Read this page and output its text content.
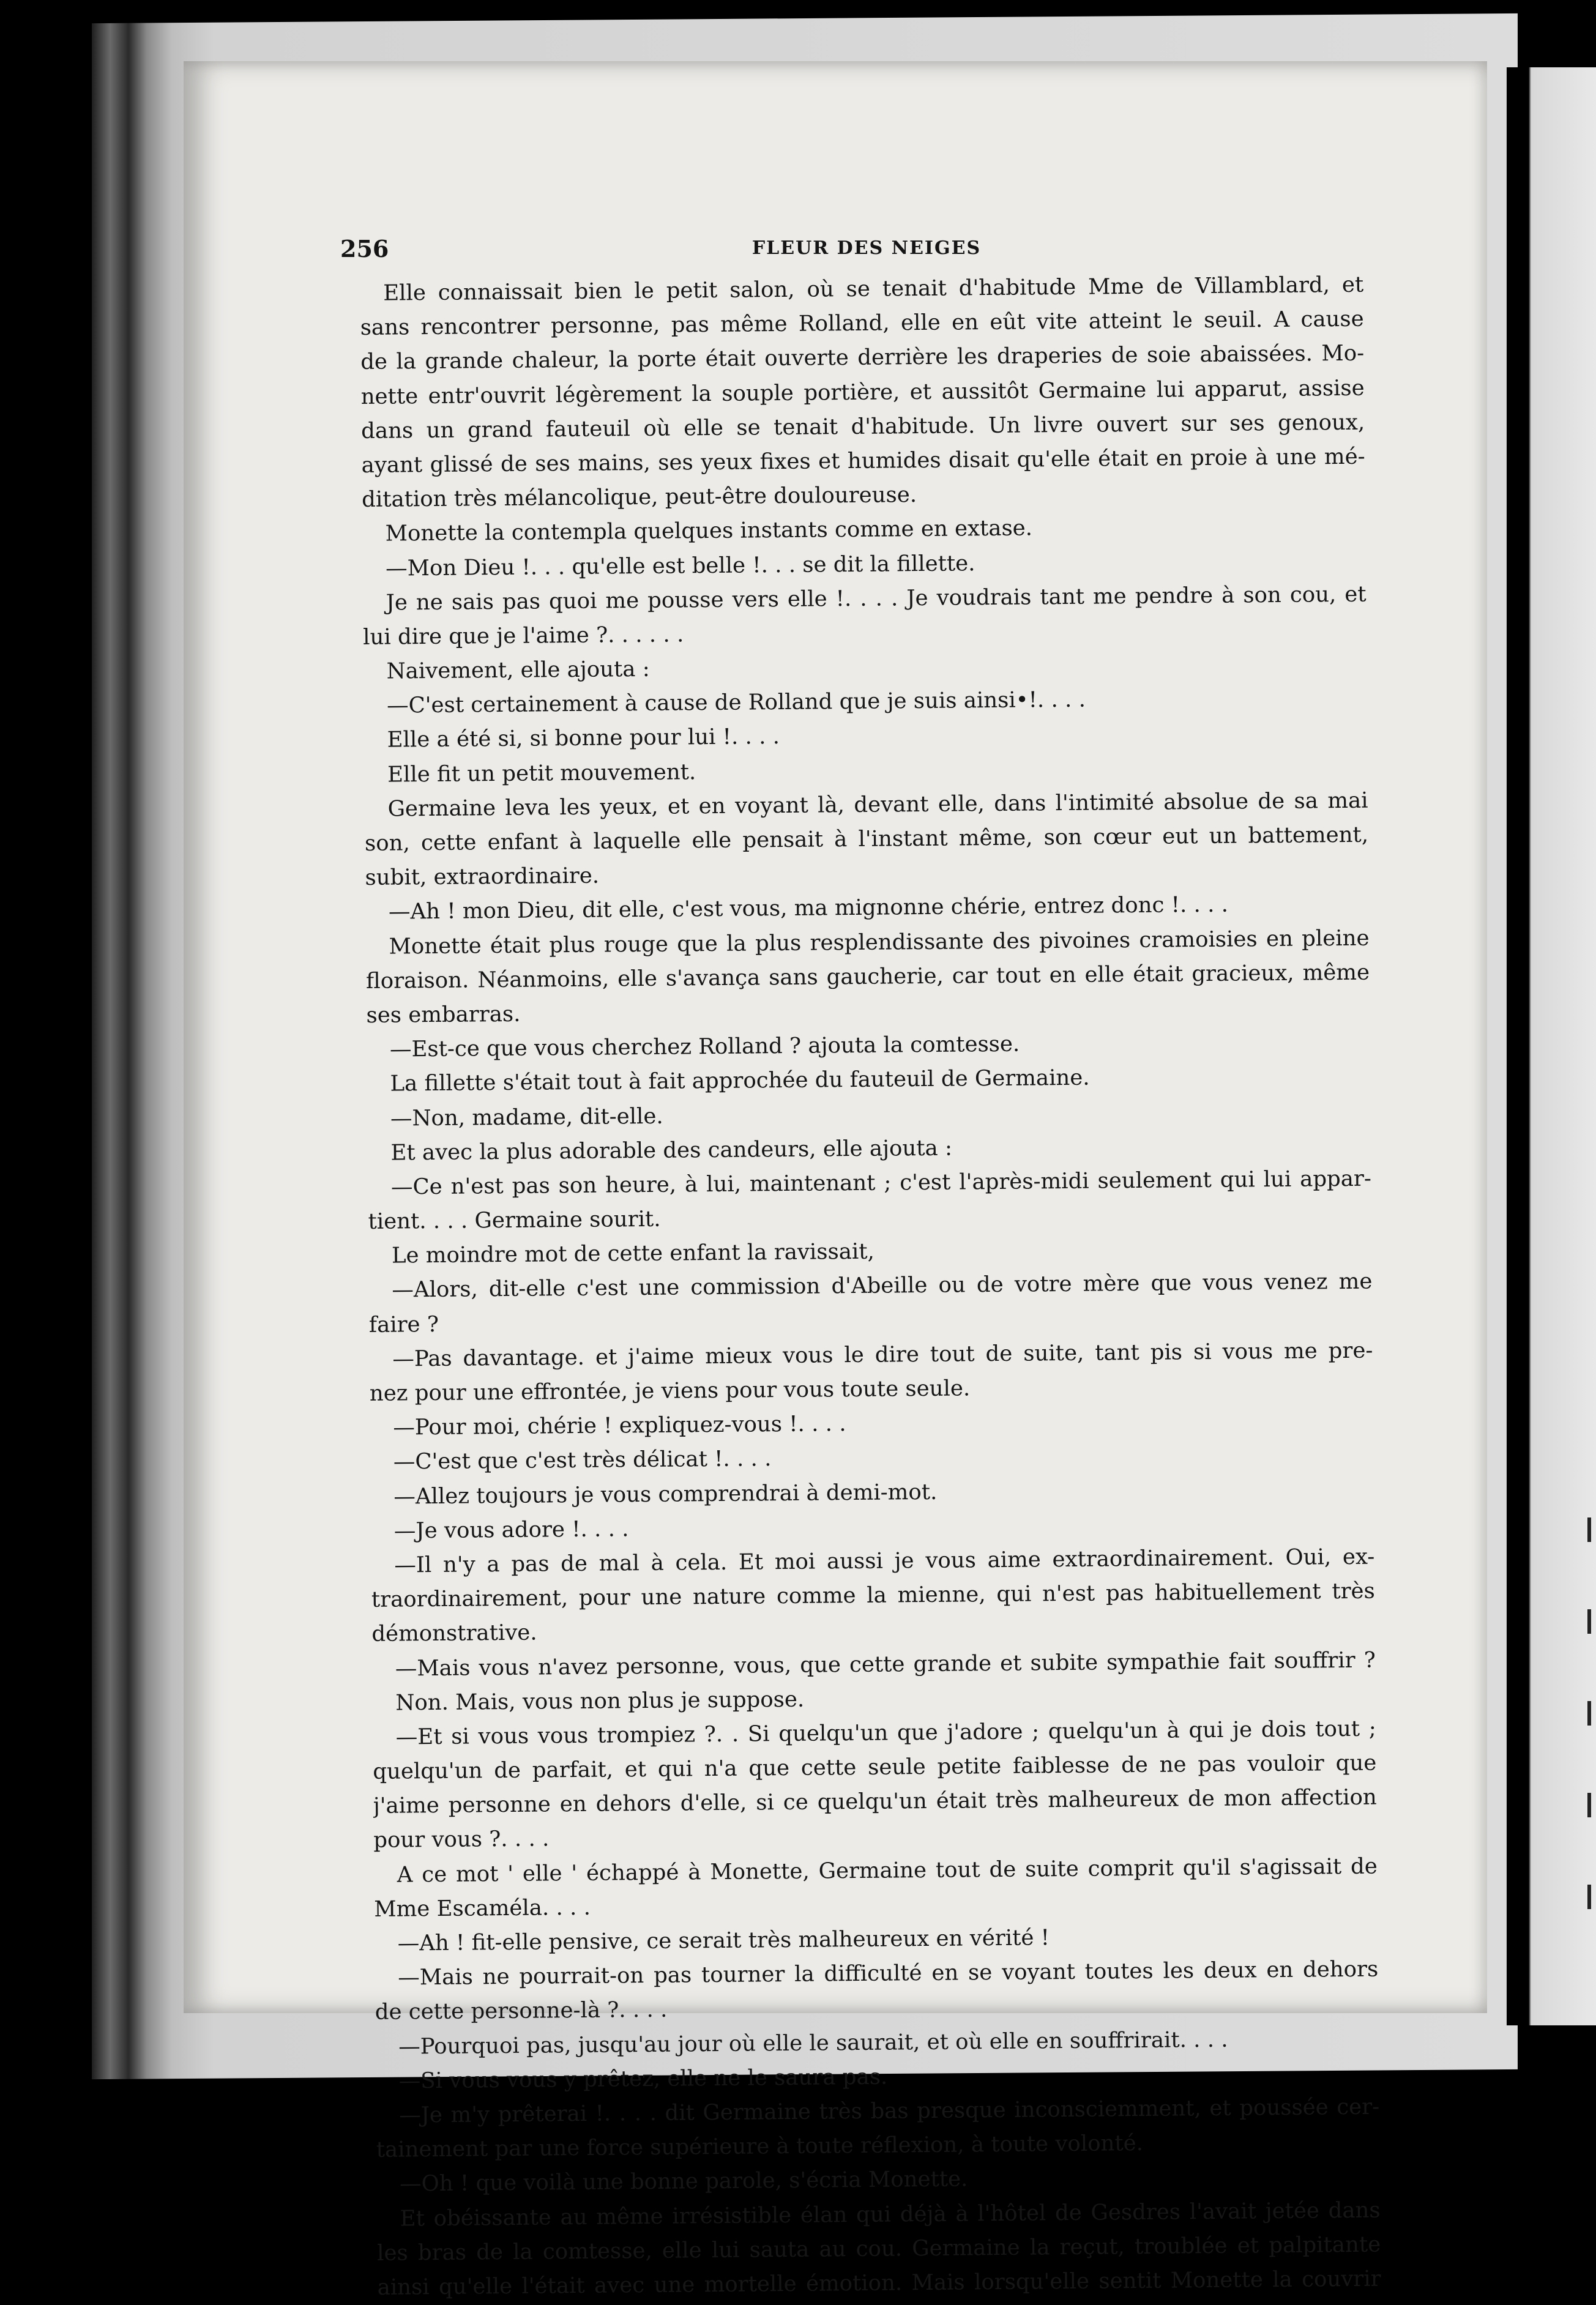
256	FLEUR DES NEIGES
Elle connaissait bien le petit salon, où se tenait d'habitude Mme de Villamblard, et
sans rencontrer personne, pas même Rolland, elle en eût vite atteint le seuil. A cause
de la grande chaleur, la porte était ouverte derrière les draperies de soie abaissées. Mo-
nette entr'ouvrit légèrement la souple portière, et aussitôt Germaine lui apparut, assise
dans un grand fauteuil où elle se tenait d'habitude. Un livre ouvert sur ses genoux,
ayant glissé de ses mains, ses yeux fixes et humides disait qu'elle était en proie à une mé-
ditation très mélancolique, peut-être douloureuse.
Monette la contempla quelques instants comme en extase.
—Mon Dieu !. . . qu'elle est belle !. . . se dit la fillette.
Je ne sais pas quoi me pousse vers elle !. . . . Je voudrais tant me pendre à son cou, et
lui dire que je l'aime ?. . . . . .
Naivement, elle ajouta :
—C'est certainement à cause de Rolland que je suis ainsi•!. . . .
Elle a été si, si bonne pour lui !. . . .
Elle fit un petit mouvement.
Germaine leva les yeux, et en voyant là, devant elle, dans l'intimité absolue de sa mai
son, cette enfant à laquelle elle pensait à l'instant même, son cœur eut un battement,
subit, extraordinaire.
—Ah ! mon Dieu, dit elle, c'est vous, ma mignonne chérie, entrez donc !. . . .
Monette était plus rouge que la plus resplendissante des pivoines cramoisies en pleine
floraison. Néanmoins, elle s'avança sans gaucherie, car tout en elle était gracieux, même
ses embarras.
—Est-ce que vous cherchez Rolland ? ajouta la comtesse.
La fillette s'était tout à fait approchée du fauteuil de Germaine.
—Non, madame, dit-elle.
Et avec la plus adorable des candeurs, elle ajouta :
—Ce n'est pas son heure, à lui, maintenant ; c'est l'après-midi seulement qui lui appar-
tient. . . . Germaine sourit.
Le moindre mot de cette enfant la ravissait,
—Alors, dit-elle c'est une commission d'Abeille ou de votre mère que vous venez me
faire ?
—Pas davantage. et j'aime mieux vous le dire tout de suite, tant pis si vous me pre-
nez pour une effrontée, je viens pour vous toute seule.
—Pour moi, chérie ! expliquez-vous !. . . .
—C'est que c'est très délicat !. . . .
—Allez toujours je vous comprendrai à demi-mot.
—Je vous adore !. . . .
—Il n'y a pas de mal à cela. Et moi aussi je vous aime extraordinairement. Oui, ex-
traordinairement, pour une nature comme la mienne, qui n'est pas habituellement très
démonstrative.
—Mais vous n'avez personne, vous, que cette grande et subite sympathie fait souffrir ?
Non. Mais, vous non plus je suppose.
—Et si vous vous trompiez ?. . Si quelqu'un que j'adore ; quelqu'un à qui je dois tout ;
quelqu'un de parfait, et qui n'a que cette seule petite faiblesse de ne pas vouloir que
j'aime personne en dehors d'elle, si ce quelqu'un était très malheureux de mon affection
pour vous ?. . . .
A ce mot ' elle ' échappé à Monette, Germaine tout de suite comprit qu'il s'agissait de
Mme Escaméla. . . .
—Ah ! fit-elle pensive, ce serait très malheureux en vérité !
—Mais ne pourrait-on pas tourner la difficulté en se voyant toutes les deux en dehors
de cette personne-là ?. . . .
—Pourquoi pas, jusqu'au jour où elle le saurait, et où elle en souffrirait. . . .
—Si vous vous y prêtez, elle ne le saura pas.
—Je m'y prêterai !. . . . dit Germaine très bas presque inconsciemment, et poussée cer-
tainement par une force supérieure à toute réflexion, à toute volonté.
—Oh ! que voilà une bonne parole, s'écria Monette.
Et obéissante au même irrésistible élan qui déjà à l'hôtel de Gesdres l'avait jetée dans
les bras de la comtesse, elle lui sauta au cou. Germaine la reçut, troublée et palpitante
ainsi qu'elle l'était avec une mortelle émotion. Mais lorsqu'elle sentit Monette la couvrir
